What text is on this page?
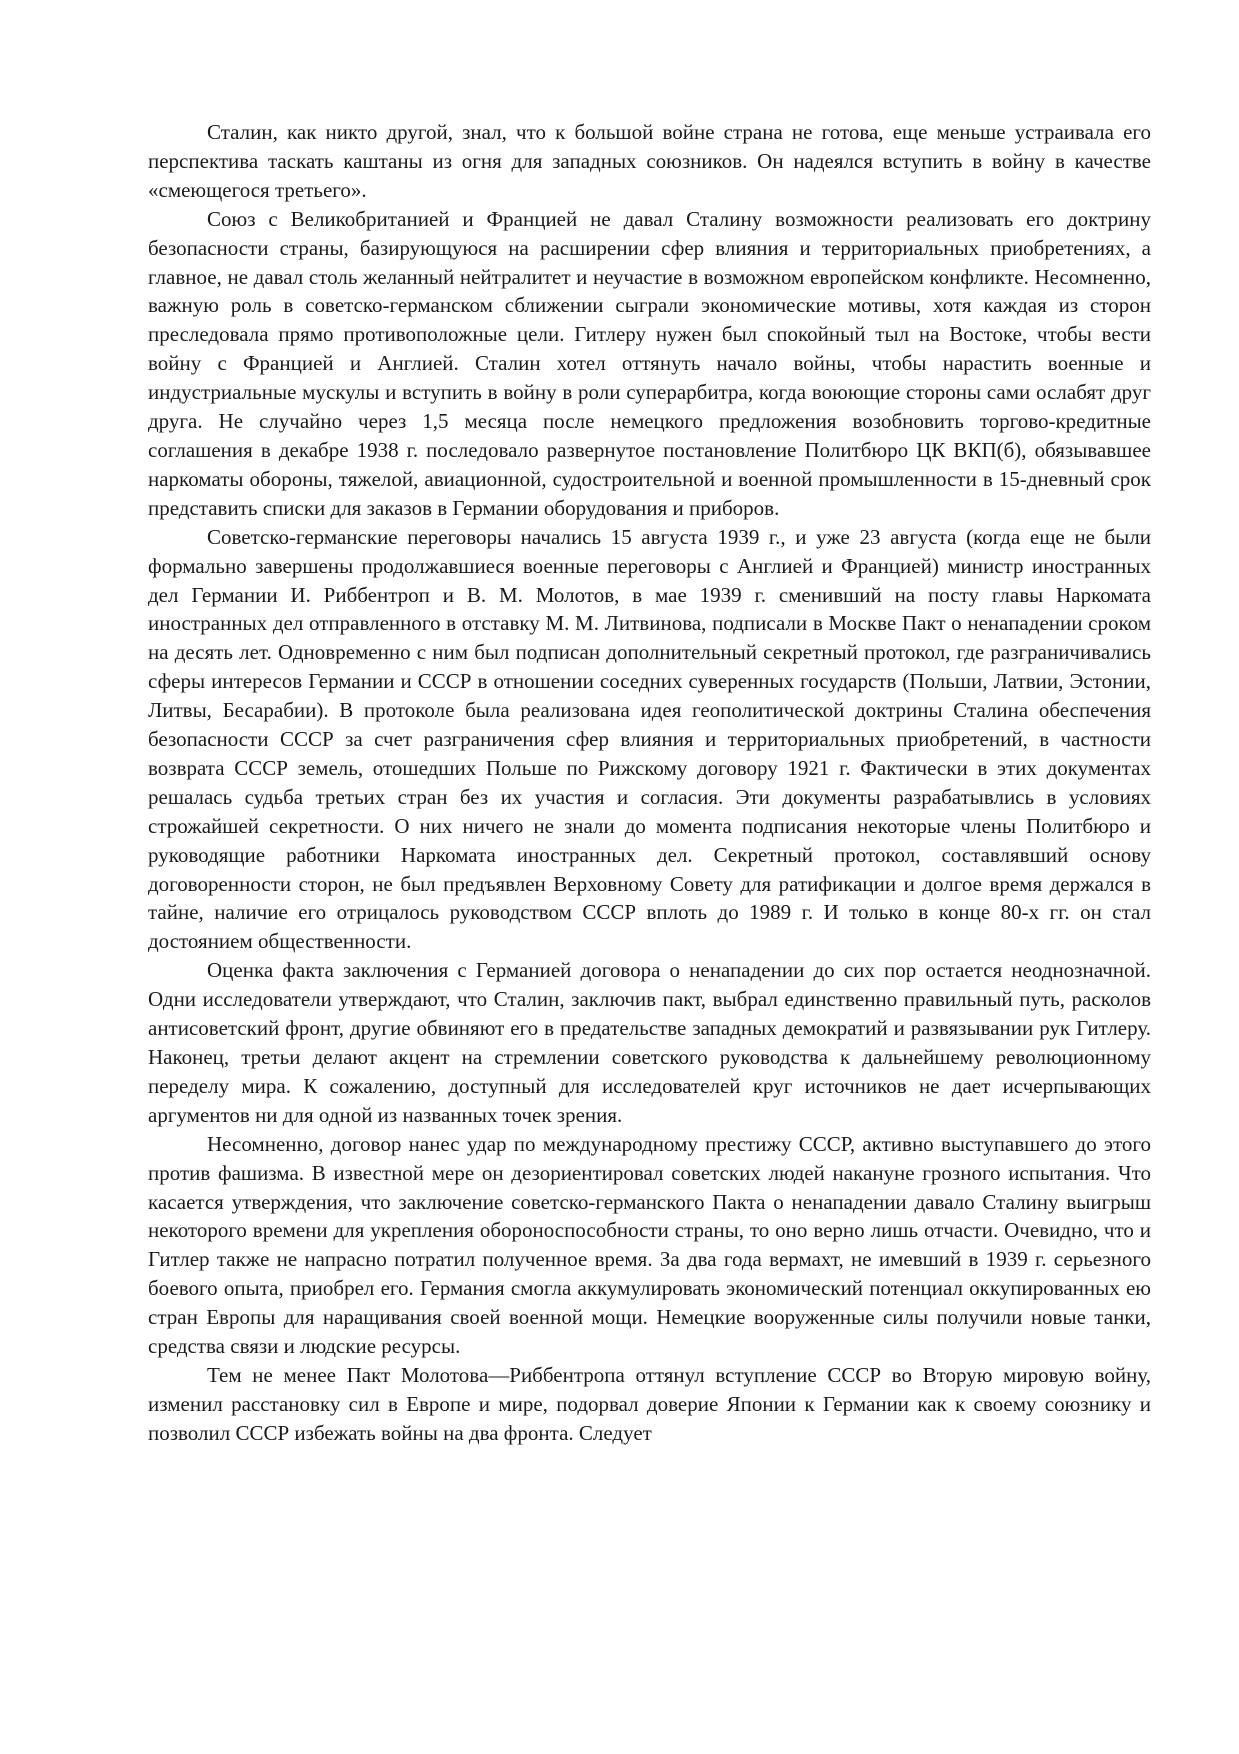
Сталин, как никто другой, знал, что к большой войне страна не готова, еще меньше устраивала его перспектива таскать каштаны из огня для западных союзников. Он надеялся вступить в войну в качестве «смеющегося третьего».

Союз с Великобританией и Францией не давал Сталину возможности реализовать его доктрину безопасности страны, базирующуюся на расширении сфер влияния и территориальных приобретениях, а главное, не давал столь желанный нейтралитет и неучастие в возможном европейском конфликте. Несомненно, важную роль в советско-германском сближении сыграли экономические мотивы, хотя каждая из сторон преследовала прямо противоположные цели. Гитлеру нужен был спокойный тыл на Востоке, чтобы вести войну с Францией и Англией. Сталин хотел оттянуть начало войны, чтобы нарастить военные и индустриальные мускулы и вступить в войну в роли суперарбитра, когда воюющие стороны сами ослабят друг друга. Не случайно через 1,5 месяца после немецкого предложения возобновить торгово-кредитные соглашения в декабре 1938 г. последовало развернутое постановление Политбюро ЦК ВКП(б), обязывавшее наркоматы обороны, тяжелой, авиационной, судостроительной и военной промышленности в 15-дневный срок представить списки для заказов в Германии оборудования и приборов.

Советско-германские переговоры начались 15 августа 1939 г., и уже 23 августа (когда еще не были формально завершены продолжавшиеся военные переговоры с Англией и Францией) министр иностранных дел Германии И. Риббентроп и В. М. Молотов, в мае 1939 г. сменивший на посту главы Наркомата иностранных дел отправленного в отставку М. М. Литвинова, подписали в Москве Пакт о ненападении сроком на десять лет. Одновременно с ним был подписан дополнительный секретный протокол, где разграничивались сферы интересов Германии и СССР в отношении соседних суверенных государств (Польши, Латвии, Эстонии, Литвы, Бесарабии). В протоколе была реализована идея геополитической доктрины Сталина обеспечения безопасности СССР за счет разграничения сфер влияния и территориальных приобретений, в частности возврата СССР земель, отошедших Польше по Рижскому договору 1921 г. Фактически в этих документах решалась судьба третьих стран без их участия и согласия. Эти документы разрабатывлись в условиях строжайшей секретности. О них ничего не знали до момента подписания некоторые члены Политбюро и руководящие работники Наркомата иностранных дел. Секретный протокол, составлявший основу договоренности сторон, не был предъявлен Верховному Совету для ратификации и долгое время держался в тайне, наличие его отрицалось руководством СССР вплоть до 1989 г. И только в конце 80-х гг. он стал достоянием общественности.

Оценка факта заключения с Германией договора о ненападении до сих пор остается неоднозначной. Одни исследователи утверждают, что Сталин, заключив пакт, выбрал единственно правильный путь, расколов антисоветский фронт, другие обвиняют его в предательстве западных демократий и развязывании рук Гитлеру. Наконец, третьи делают акцент на стремлении советского руководства к дальнейшему революционному переделу мира. К сожалению, доступный для исследователей круг источников не дает исчерпывающих аргументов ни для одной из названных точек зрения.

Несомненно, договор нанес удар по международному престижу СССР, активно выступавшего до этого против фашизма. В известной мере он дезориентировал советских людей накануне грозного испытания. Что касается утверждения, что заключение советско-германского Пакта о ненападении давало Сталину выигрыш некоторого времени для укрепления обороноспособности страны, то оно верно лишь отчасти. Очевидно, что и Гитлер также не напрасно потратил полученное время. За два года вермахт, не имевший в 1939 г. серьезного боевого опыта, приобрел его. Германия смогла аккумулировать экономический потенциал оккупированных ею стран Европы для наращивания своей военной мощи. Немецкие вооруженные силы получили новые танки, средства связи и людские ресурсы.

Тем не менее Пакт Молотова—Риббентропа оттянул вступление СССР во Вторую мировую войну, изменил расстановку сил в Европе и мире, подорвал доверие Японии к Германии как к своему союзнику и позволил СССР избежать войны на два фронта. Следует
